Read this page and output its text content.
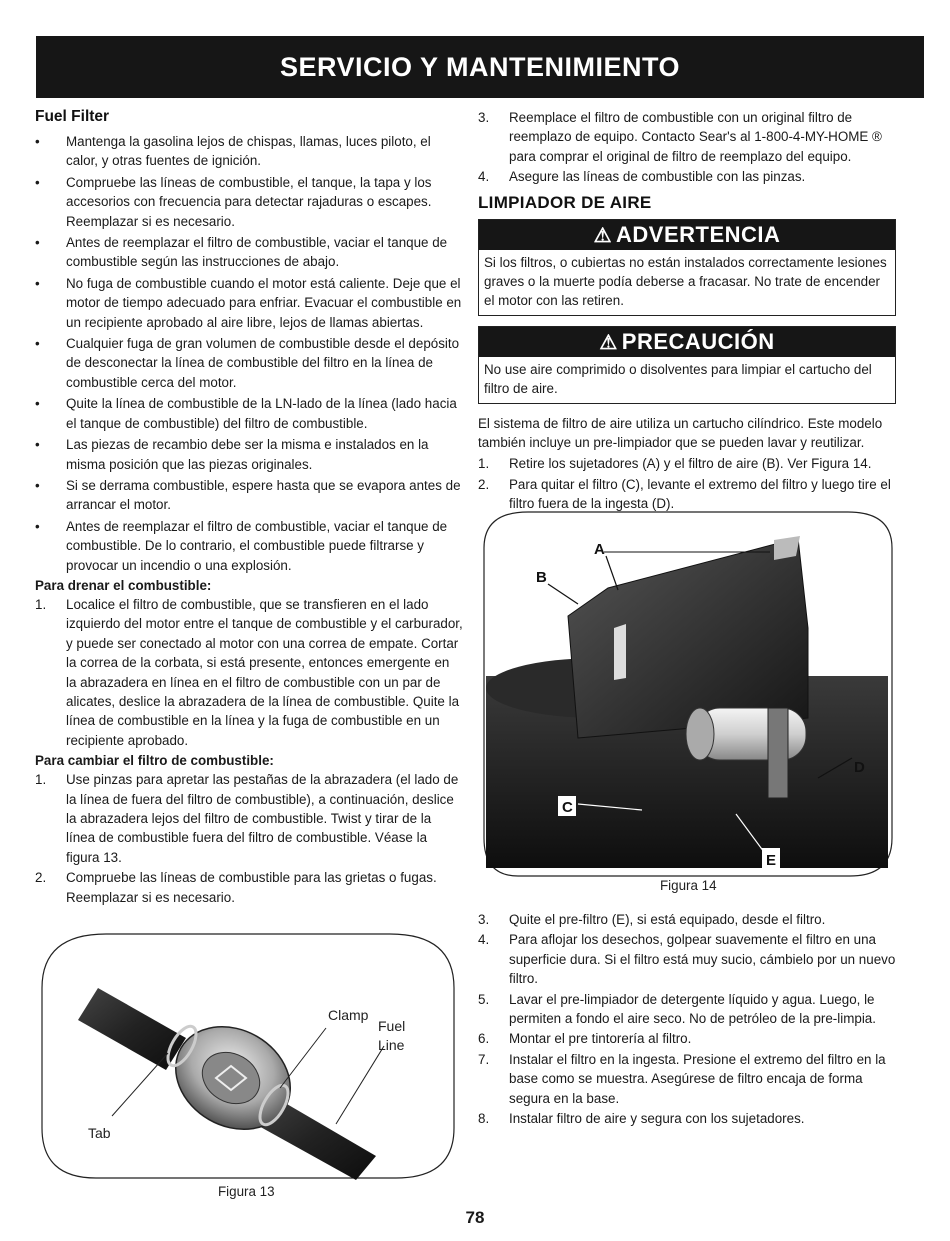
SERVICIO Y MANTENIMIENTO
Fuel Filter
• Mantenga la gasolina lejos de chispas, llamas, luces piloto, el calor, y otras fuentes de ignición.
• Compruebe las líneas de combustible, el tanque, la tapa y los accesorios con frecuencia para detectar rajaduras o escapes. Reemplazar si es necesario.
• Antes de reemplazar el filtro de combustible, vaciar el tanque de combustible según las instrucciones de abajo.
• No fuga de combustible cuando el motor está caliente. Deje que el motor de tiempo adecuado para enfriar. Evacuar el combustible en un recipiente aprobado al aire libre, lejos de llamas abiertas.
• Cualquier fuga de gran volumen de combustible desde el depósito de desconectar la línea de combustible del filtro en la línea de combustible cerca del motor.
• Quite la línea de combustible de la LN-lado de la línea (lado hacia el tanque de combustible) del filtro de combustible.
• Las piezas de recambio debe ser la misma e instalados en la misma posición que las piezas originales.
• Si se derrama combustible, espere hasta que se evapora antes de arrancar el motor.
• Antes de reemplazar el filtro de combustible, vaciar el tanque de combustible. De lo contrario, el combustible puede filtrarse y provocar un incendio o una explosión.
Para drenar el combustible:
1. Localice el filtro de combustible, que se transfieren en el lado izquierdo del motor entre el tanque de combustible y el carburador, y puede ser conectado al motor con una correa de empate. Cortar la correa de la corbata, si está presente, entonces emergente en la abrazadera en línea en el filtro de combustible con un par de alicates, deslice la abrazadera de la línea de combustible. Quite la línea de combustible en la línea y la fuga de combustible en un recipiente aprobado.
Para cambiar el filtro de combustible:
1. Use pinzas para apretar las pestañas de la abrazadera (el lado de la línea de fuera del filtro de combustible), a continuación, deslice la abrazadera lejos del filtro de combustible. Twist y tirar de la línea de combustible fuera del filtro de combustible. Véase la figura 13.
2. Compruebe las líneas de combustible para las grietas o fugas. Reemplazar si es necesario.
Clamp
Fuel
Line
Tab
Figura 13
3. Reemplace el filtro de combustible con un original filtro de reemplazo de equipo. Contacto Sear's al 1-800-4-MY-HOME ® para comprar el original de filtro de reemplazo del equipo.
4. Asegure las líneas de combustible con las pinzas.
LIMPIADOR DE AIRE
⚠ ADVERTENCIA
Si los filtros, o cubiertas no están instalados correctamente lesiones graves o la muerte podía deberse a fracasar. No trate de encender el motor con las retiren.
⚠ PRECAUCIÓN
No use aire comprimido o disolventes para limpiar el cartucho del filtro de aire.
El sistema de filtro de aire utiliza un cartucho cilíndrico. Este modelo también incluye un pre-limpiador que se pueden lavar y reutilizar.
1. Retire los sujetadores (A) y el filtro de aire (B). Ver Figura 14.
2. Para quitar el filtro (C), levante el extremo del filtro y luego tire el filtro fuera de la ingesta (D).
A
B
C
D
E
Figura 14
3. Quite el pre-filtro (E), si está equipado, desde el filtro.
4. Para aflojar los desechos, golpear suavemente el filtro en una superficie dura. Si el filtro está muy sucio, cámbielo por un nuevo filtro.
5. Lavar el pre-limpiador de detergente líquido y agua. Luego, le permiten a fondo el aire seco. No de petróleo de la pre-limpia.
6. Montar el pre tintorería al filtro.
7. Instalar el filtro en la ingesta. Presione el extremo del filtro en la base como se muestra. Asegúrese de filtro encaja de forma segura en la base.
8. Instalar filtro de aire y segura con los sujetadores.
78
